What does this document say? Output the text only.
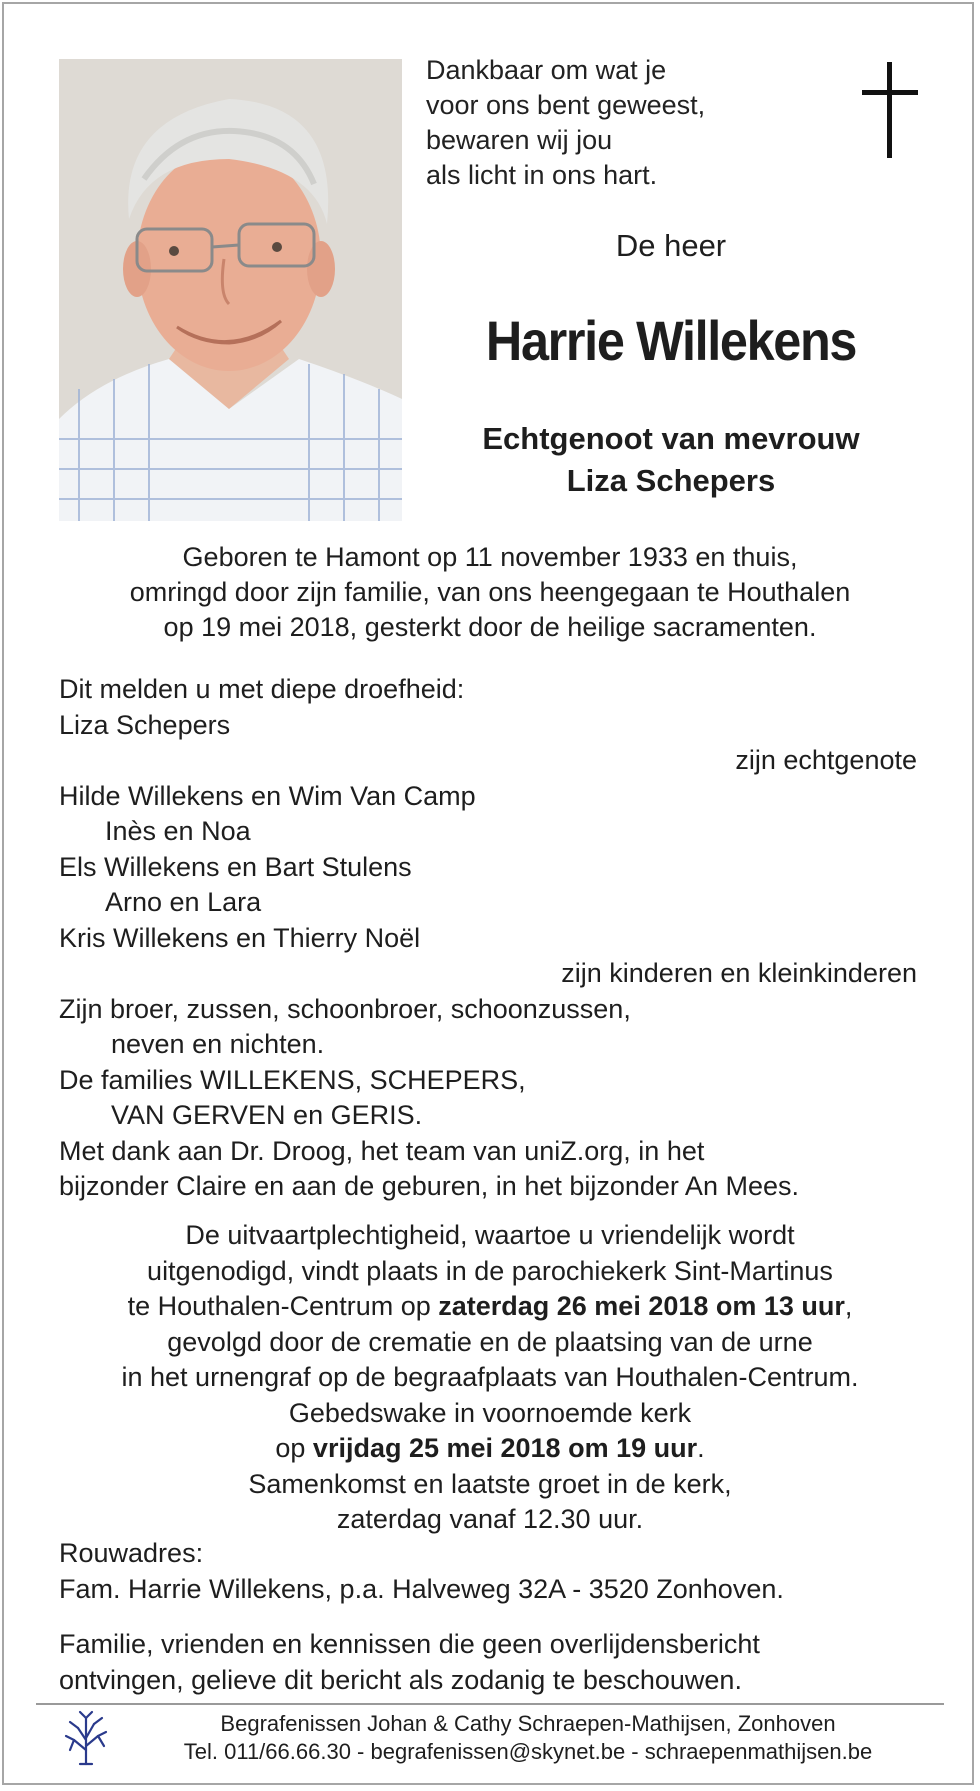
Dankbaar om wat je
voor ons bent geweest,
bewaren wij jou
als licht in ons hart.
De heer
Harrie Willekens
Echtgenoot van mevrouw
Liza Schepers
Geboren te Hamont op 11 november 1933 en thuis,
omringd door zijn familie, van ons heengegaan te Houthalen
op 19 mei 2018, gesterkt door de heilige sacramenten.
Dit melden u met diepe droefheid:
Liza Schepers
zijn echtgenote
Hilde Willekens en Wim Van Camp
Inès en Noa
Els Willekens en Bart Stulens
Arno en Lara
Kris Willekens en Thierry Noël
zijn kinderen en kleinkinderen
Zijn broer, zussen, schoonbroer, schoonzussen,
neven en nichten.
De families WILLEKENS, SCHEPERS,
VAN GERVEN en GERIS.
Met dank aan Dr. Droog, het team van uniZ.org, in het
bijzonder Claire en aan de geburen, in het bijzonder An Mees.
De uitvaartplechtigheid, waartoe u vriendelijk wordt
uitgenodigd, vindt plaats in de parochiekerk Sint-Martinus
te Houthalen-Centrum op zaterdag 26 mei 2018 om 13 uur,
gevolgd door de crematie en de plaatsing van de urne
in het urnengraf op de begraafplaats van Houthalen-Centrum.
Gebedswake in voornoemde kerk
op vrijdag 25 mei 2018 om 19 uur.
Samenkomst en laatste groet in de kerk,
zaterdag vanaf 12.30 uur.
Rouwadres:
Fam. Harrie Willekens, p.a. Halveweg 32A - 3520 Zonhoven.
Familie, vrienden en kennissen die geen overlijdensbericht
ontvingen, gelieve dit bericht als zodanig te beschouwen.
Begrafenissen Johan & Cathy Schraepen-Mathijsen, Zonhoven
Tel. 011/66.66.30 - begrafenissen@skynet.be - schraepenmathijsen.be
